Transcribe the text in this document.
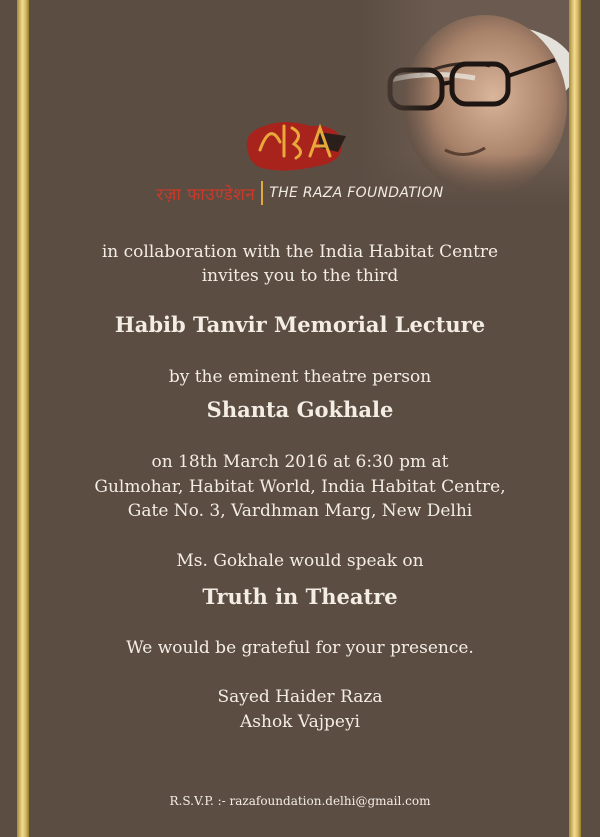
रज़ा फाउण्डेशन THE RAZA FOUNDATION

in collaboration with the India Habitat Centre

invites you to the third

Habib Tanvir Memorial Lecture

by the eminent theatre person

Shanta Gokhale

on 18th March 2016 at 6:30 pm at

Gulmohar, Habitat World, India Habitat Centre,

Gate No. 3, Vardhman Marg, New Delhi

Ms. Gokhale would speak on

Truth in Theatre

We would be grateful for your presence.

Sayed Haider Raza

Ashok Vajpeyi

R.S.V.P. :- razafoundation.delhi@gmail.com
